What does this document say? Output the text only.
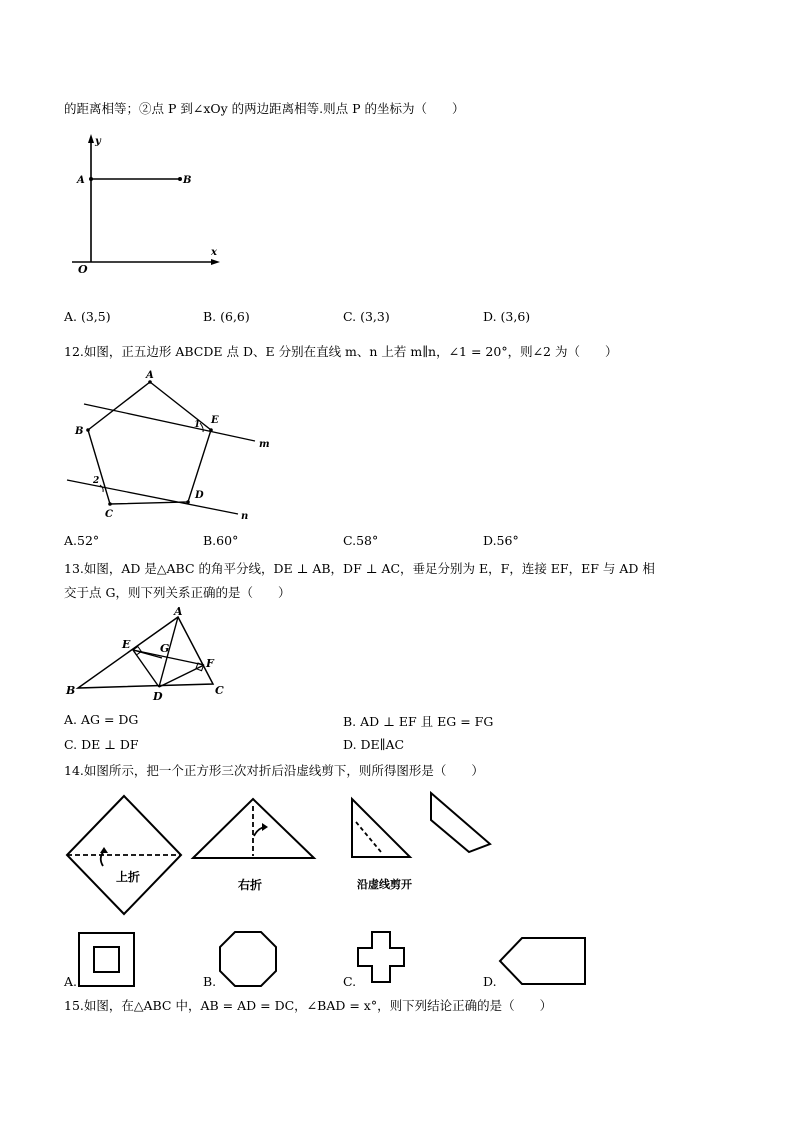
的距离相等；②点 P 到∠xOy 的两边距离相等.则点 P 的坐标为（　　）
y
x
O
A	B
A. (3,5)	B. (6,6)	C. (3,3)	D. (3,6)
12.如图，正五边形 ABCDE 点 D、E 分别在直线 m、n 上若 m∥n，∠1 = 20°，则∠2 为（　　）
A
E
B
D
C
m
n
1
2
A.52°	B.60°	C.58°	D.56°
13.如图，AD 是△ABC 的角平分线，DE ⊥ AB，DF ⊥ AC，垂足分别为 E，F，连接 EF，EF 与 AD 相
交于点 G，则下列关系正确的是（　　）
A
E	G
F
B	D	C
A. AG = DG	B. AD ⊥ EF 且 EG = FG
C. DE ⊥ DF	D. DE∥AC
14.如图所示，把一个正方形三次对折后沿虚线剪下，则所得图形是（　　）
上折
右折	沿虚线剪开
A.	B.	C.	D.
15.如图，在△ABC 中，AB = AD = DC，∠BAD = x°，则下列结论正确的是（　　）
